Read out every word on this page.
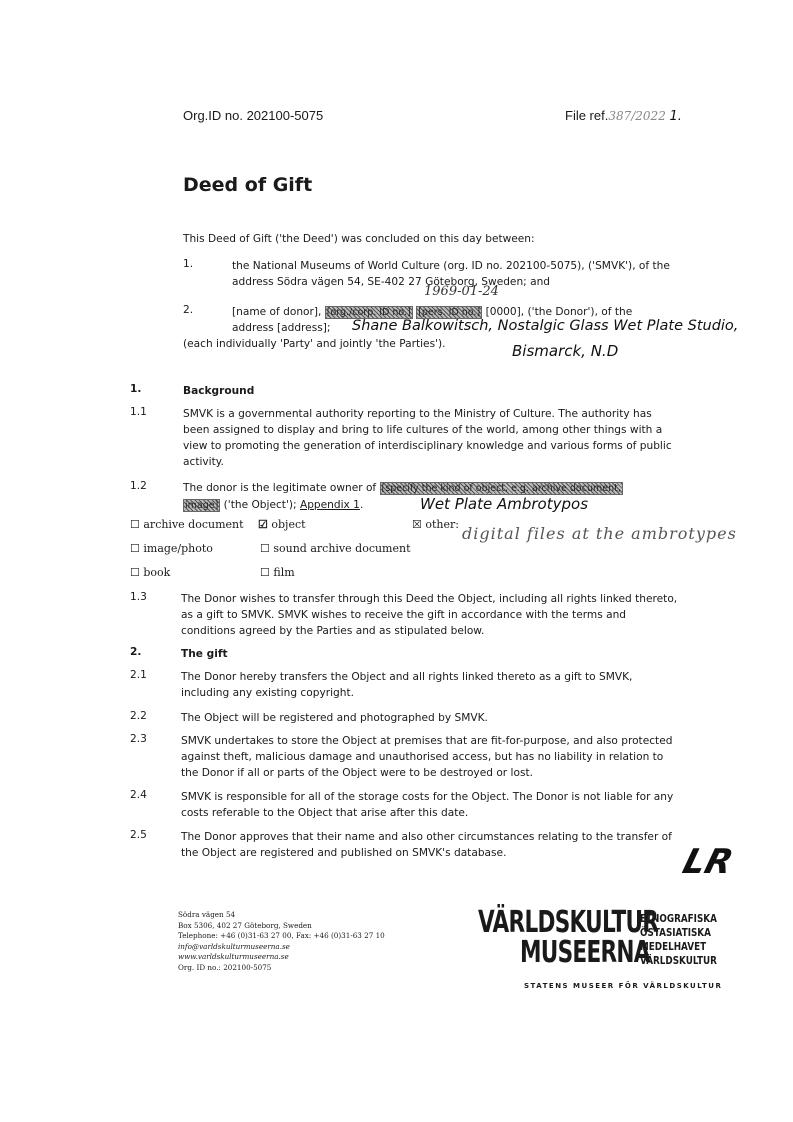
Org.ID no. 202100-5075	File ref.387/2022 1.
Deed of Gift
This Deed of Gift ('the Deed') was concluded on this day between:
1.	the National Museums of World Culture (org. ID no. 202100-5075), ('SMVK'), of the
address Södra vägen 54, SE-402 27 Göteborg, Sweden; and
1969-01-24
2.	[name of donor], [org./corp. ID no.] [pers. ID no.] [0000], ('the Donor'), of the
address [address]; Shane Balkowitsch, Nostalgic Glass Wet Plate Studio,
(each individually 'Party' and jointly 'the Parties').	Bismarck, N.D
1.	Background
1.1	SMVK is a governmental authority reporting to the Ministry of Culture. The authority has
been assigned to display and bring to life cultures of the world, among other things with a
view to promoting the generation of interdisciplinary knowledge and various forms of public
activity.
1.2	The donor is the legitimate owner of [specify the kind of object, e.g. archive document,
image] ('the Object'); Appendix 1.	Wet Plate Ambrotypos
☐ archive document ☑ object	☒ other: digital files at the ambrotypes
☐ image/photo	☐ sound archive document
☐ book	☐ film
1.3	The Donor wishes to transfer through this Deed the Object, including all rights linked thereto,
as a gift to SMVK. SMVK wishes to receive the gift in accordance with the terms and
conditions agreed by the Parties and as stipulated below.
2.	The gift
2.1	The Donor hereby transfers the Object and all rights linked thereto as a gift to SMVK,
including any existing copyright.
2.2	The Object will be registered and photographed by SMVK.
2.3	SMVK undertakes to store the Object at premises that are fit-for-purpose, and also protected
against theft, malicious damage and unauthorised access, but has no liability in relation to
the Donor if all or parts of the Object were to be destroyed or lost.
2.4	SMVK is responsible for all of the storage costs for the Object. The Donor is not liable for any
costs referable to the Object that arise after this date.
2.5	The Donor approves that their name and also other circumstances relating to the transfer of
the Object are registered and published on SMVK's database.	LR
Södra vägen 54
Box 5306, 402 27 Göteborg, Sweden
Telephone: +46 (0)31-63 27 00, Fax: +46 (0)31-63 27 10
info@varldskulturmuseerna.se
www.varldskulturmuseerna.se
Org. ID no.: 202100-5075
VÄRLDSKULTUR
MUSEERNA
ETNOGRAFISKA
ÖSTASIATISKA
MEDELHAVET
VÄRLDSKULTUR
STATENS MUSEER FÖR VÄRLDSKULTUR
